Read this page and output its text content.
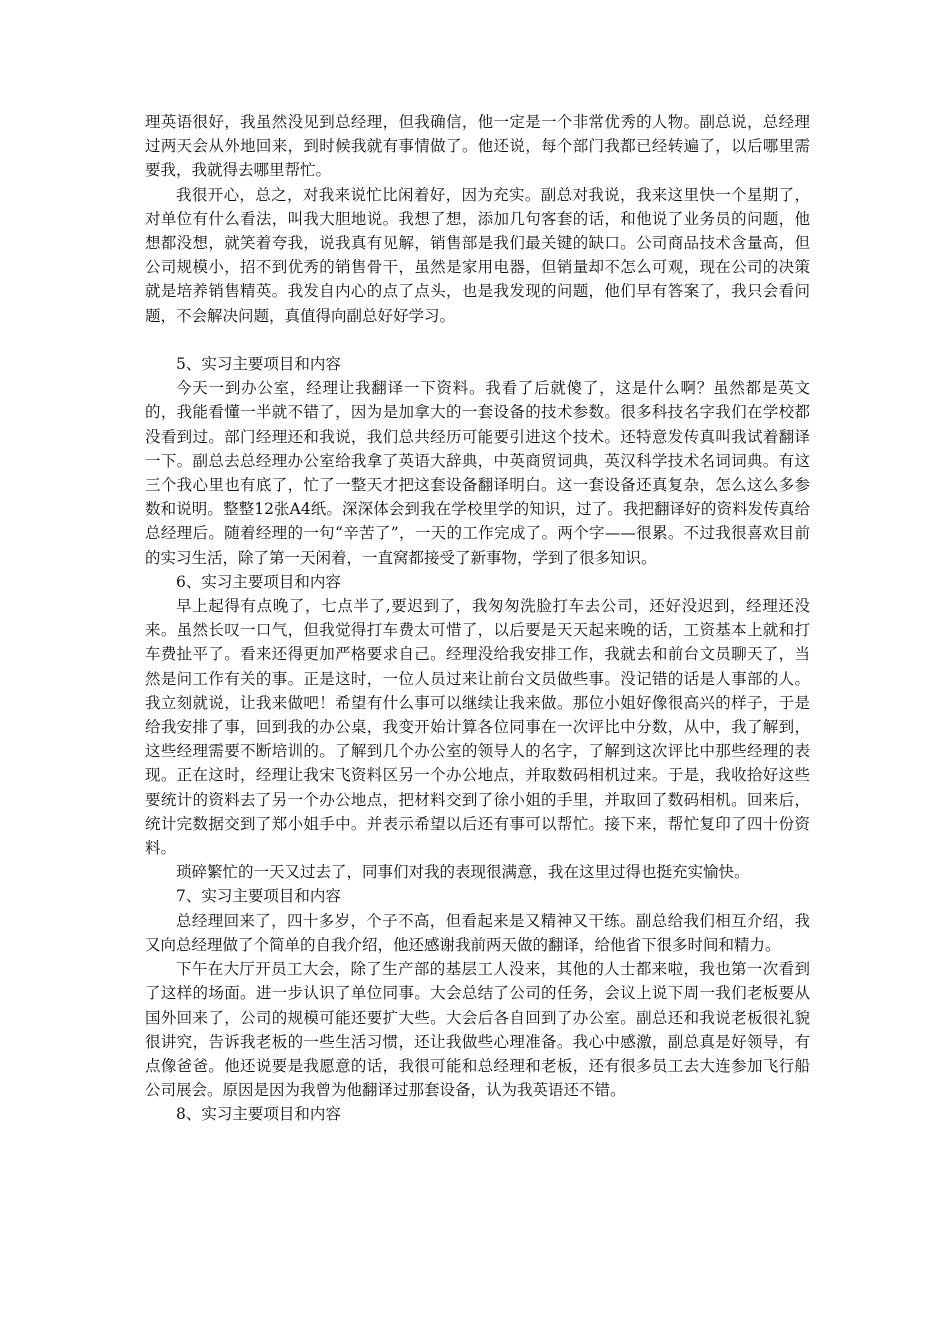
理英语很好，我虽然没见到总经理，但我确信，他一定是一个非常优秀的人物。副总说，总经理过两天会从外地回来，到时候我就有事情做了。他还说，每个部门我都已经转遍了，以后哪里需要我，我就得去哪里帮忙。

我很开心，总之，对我来说忙比闲着好，因为充实。副总对我说，我来这里快一个星期了，对单位有什么看法，叫我大胆地说。我想了想，添加几句客套的话，和他说了业务员的问题，他想都没想，就笑着夸我，说我真有见解，销售部是我们最关键的缺口。公司商品技术含量高，但公司规模小，招不到优秀的销售骨干，虽然是家用电器，但销量却不怎么可观，现在公司的决策就是培养销售精英。我发自内心的点了点头，也是我发现的问题，他们早有答案了，我只会看问题，不会解决问题，真值得向副总好好学习。

5、实习主要项目和内容

今天一到办公室，经理让我翻译一下资料。我看了后就傻了，这是什么啊？虽然都是英文的，我能看懂一半就不错了，因为是加拿大的一套设备的技术参数。很多科技名字我们在学校都没看到过。部门经理还和我说，我们总共经历可能要引进这个技术。还特意发传真叫我试着翻译一下。副总去总经理办公室给我拿了英语大辞典，中英商贸词典，英汉科学技术名词词典。有这三个我心里也有底了，忙了一整天才把这套设备翻译明白。这一套设备还真复杂，怎么这么多参数和说明。整整12张A4纸。深深体会到我在学校里学的知识，过了。我把翻译好的资料发传真给总经理后。随着经理的一句“辛苦了”，一天的工作完成了。两个字——很累。不过我很喜欢目前的实习生活，除了第一天闲着，一直窝都接受了新事物，学到了很多知识。

6、实习主要项目和内容

早上起得有点晚了，七点半了,要迟到了，我匆匆洗脸打车去公司，还好没迟到，经理还没来。虽然长叹一口气，但我觉得打车费太可惜了，以后要是天天起来晚的话，工资基本上就和打车费扯平了。看来还得更加严格要求自己。经理没给我安排工作，我就去和前台文员聊天了，当然是问工作有关的事。正是这时，一位人员过来让前台文员做些事。没记错的话是人事部的人。我立刻就说，让我来做吧！希望有什么事可以继续让我来做。那位小姐好像很高兴的样子，于是给我安排了事，回到我的办公桌，我变开始计算各位同事在一次评比中分数，从中，我了解到，这些经理需要不断培训的。了解到几个办公室的领导人的名字，了解到这次评比中那些经理的表现。正在这时，经理让我宋飞资料区另一个办公地点，并取数码相机过来。于是，我收拾好这些要统计的资料去了另一个办公地点，把材料交到了徐小姐的手里，并取回了数码相机。回来后，统计完数据交到了郑小姐手中。并表示希望以后还有事可以帮忙。接下来，帮忙复印了四十份资料。

琐碎繁忙的一天又过去了，同事们对我的表现很满意，我在这里过得也挺充实愉快。

7、实习主要项目和内容

总经理回来了，四十多岁，个子不高，但看起来是又精神又干练。副总给我们相互介绍，我又向总经理做了个简单的自我介绍，他还感谢我前两天做的翻译，给他省下很多时间和精力。

下午在大厅开员工大会，除了生产部的基层工人没来，其他的人士都来啦，我也第一次看到了这样的场面。进一步认识了单位同事。大会总结了公司的任务，会议上说下周一我们老板要从国外回来了，公司的规模可能还要扩大些。大会后各自回到了办公室。副总还和我说老板很礼貌很讲究，告诉我老板的一些生活习惯，还让我做些心理准备。我心中感激，副总真是好领导，有点像爸爸。他还说要是我愿意的话，我很可能和总经理和老板，还有很多员工去大连参加飞行船公司展会。原因是因为我曾为他翻译过那套设备，认为我英语还不错。

8、实习主要项目和内容
